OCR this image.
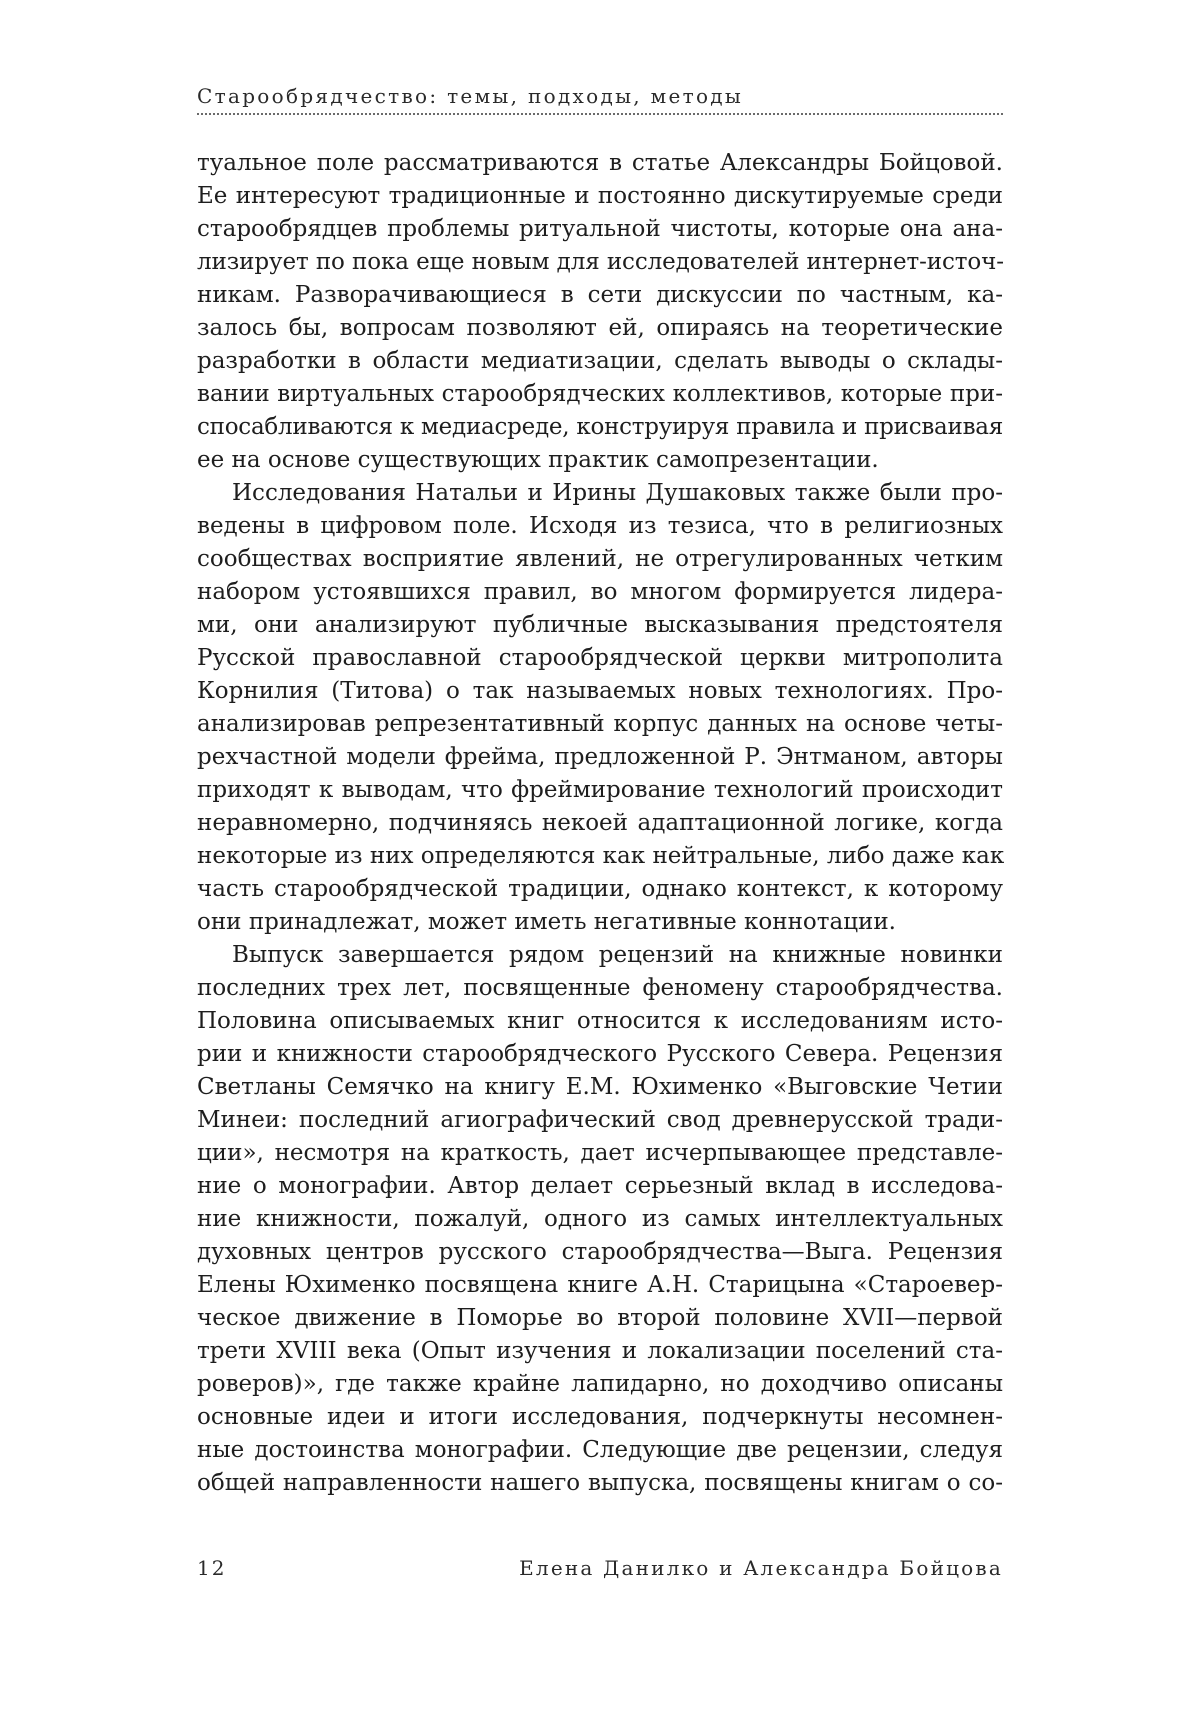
Старообрядчество: темы, подходы, методы
туальное поле рассматриваются в статье Александры Бойцовой.
Ее интересуют традиционные и постоянно дискутируемые среди
старообрядцев проблемы ритуальной чистоты, которые она ана-
лизирует по пока еще новым для исследователей интернет-источ-
никам. Разворачивающиеся в сети дискуссии по частным, ка-
залось бы, вопросам позволяют ей, опираясь на теоретические
разработки в области медиатизации, сделать выводы о склады-
вании виртуальных старообрядческих коллективов, которые при-
спосабливаются к медиасреде, конструируя правила и присваивая
ее на основе существующих практик самопрезентации.
Исследования Натальи и Ирины Душаковых также были про-
ведены в цифровом поле. Исходя из тезиса, что в религиозных
сообществах восприятие явлений, не отрегулированных четким
набором устоявшихся правил, во многом формируется лидера-
ми, они анализируют публичные высказывания предстоятеля
Русской православной старообрядческой церкви митрополита
Корнилия (Титова) о так называемых новых технологиях. Про-
анализировав репрезентативный корпус данных на основе четы-
рехчастной модели фрейма, предложенной Р. Энтманом, авторы
приходят к выводам, что фреймирование технологий происходит
неравномерно, подчиняясь некоей адаптационной логике, когда
некоторые из них определяются как нейтральные, либо даже как
часть старообрядческой традиции, однако контекст, к которому
они принадлежат, может иметь негативные коннотации.
Выпуск завершается рядом рецензий на книжные новинки
последних трех лет, посвященные феномену старообрядчества.
Половина описываемых книг относится к исследованиям исто-
рии и книжности старообрядческого Русского Севера. Рецензия
Светланы Семячко на книгу Е.М. Юхименко «Выговские Четии
Минеи: последний агиографический свод древнерусской тради-
ции», несмотря на краткость, дает исчерпывающее представле-
ние о монографии. Автор делает серьезный вклад в исследова-
ние книжности, пожалуй, одного из самых интеллектуальных
духовных центров русского старообрядчества—Выга. Рецензия
Елены Юхименко посвящена книге А.Н. Старицына «Староевер-
ческое движение в Поморье во второй половине XVII—первой
трети XVIII века (Опыт изучения и локализации поселений ста-
роверов)», где также крайне лапидарно, но доходчиво описаны
основные идеи и итоги исследования, подчеркнуты несомнен-
ные достоинства монографии. Следующие две рецензии, следуя
общей направленности нашего выпуска, посвящены книгам о со-
12	Елена Данилко и Александра Бойцова
